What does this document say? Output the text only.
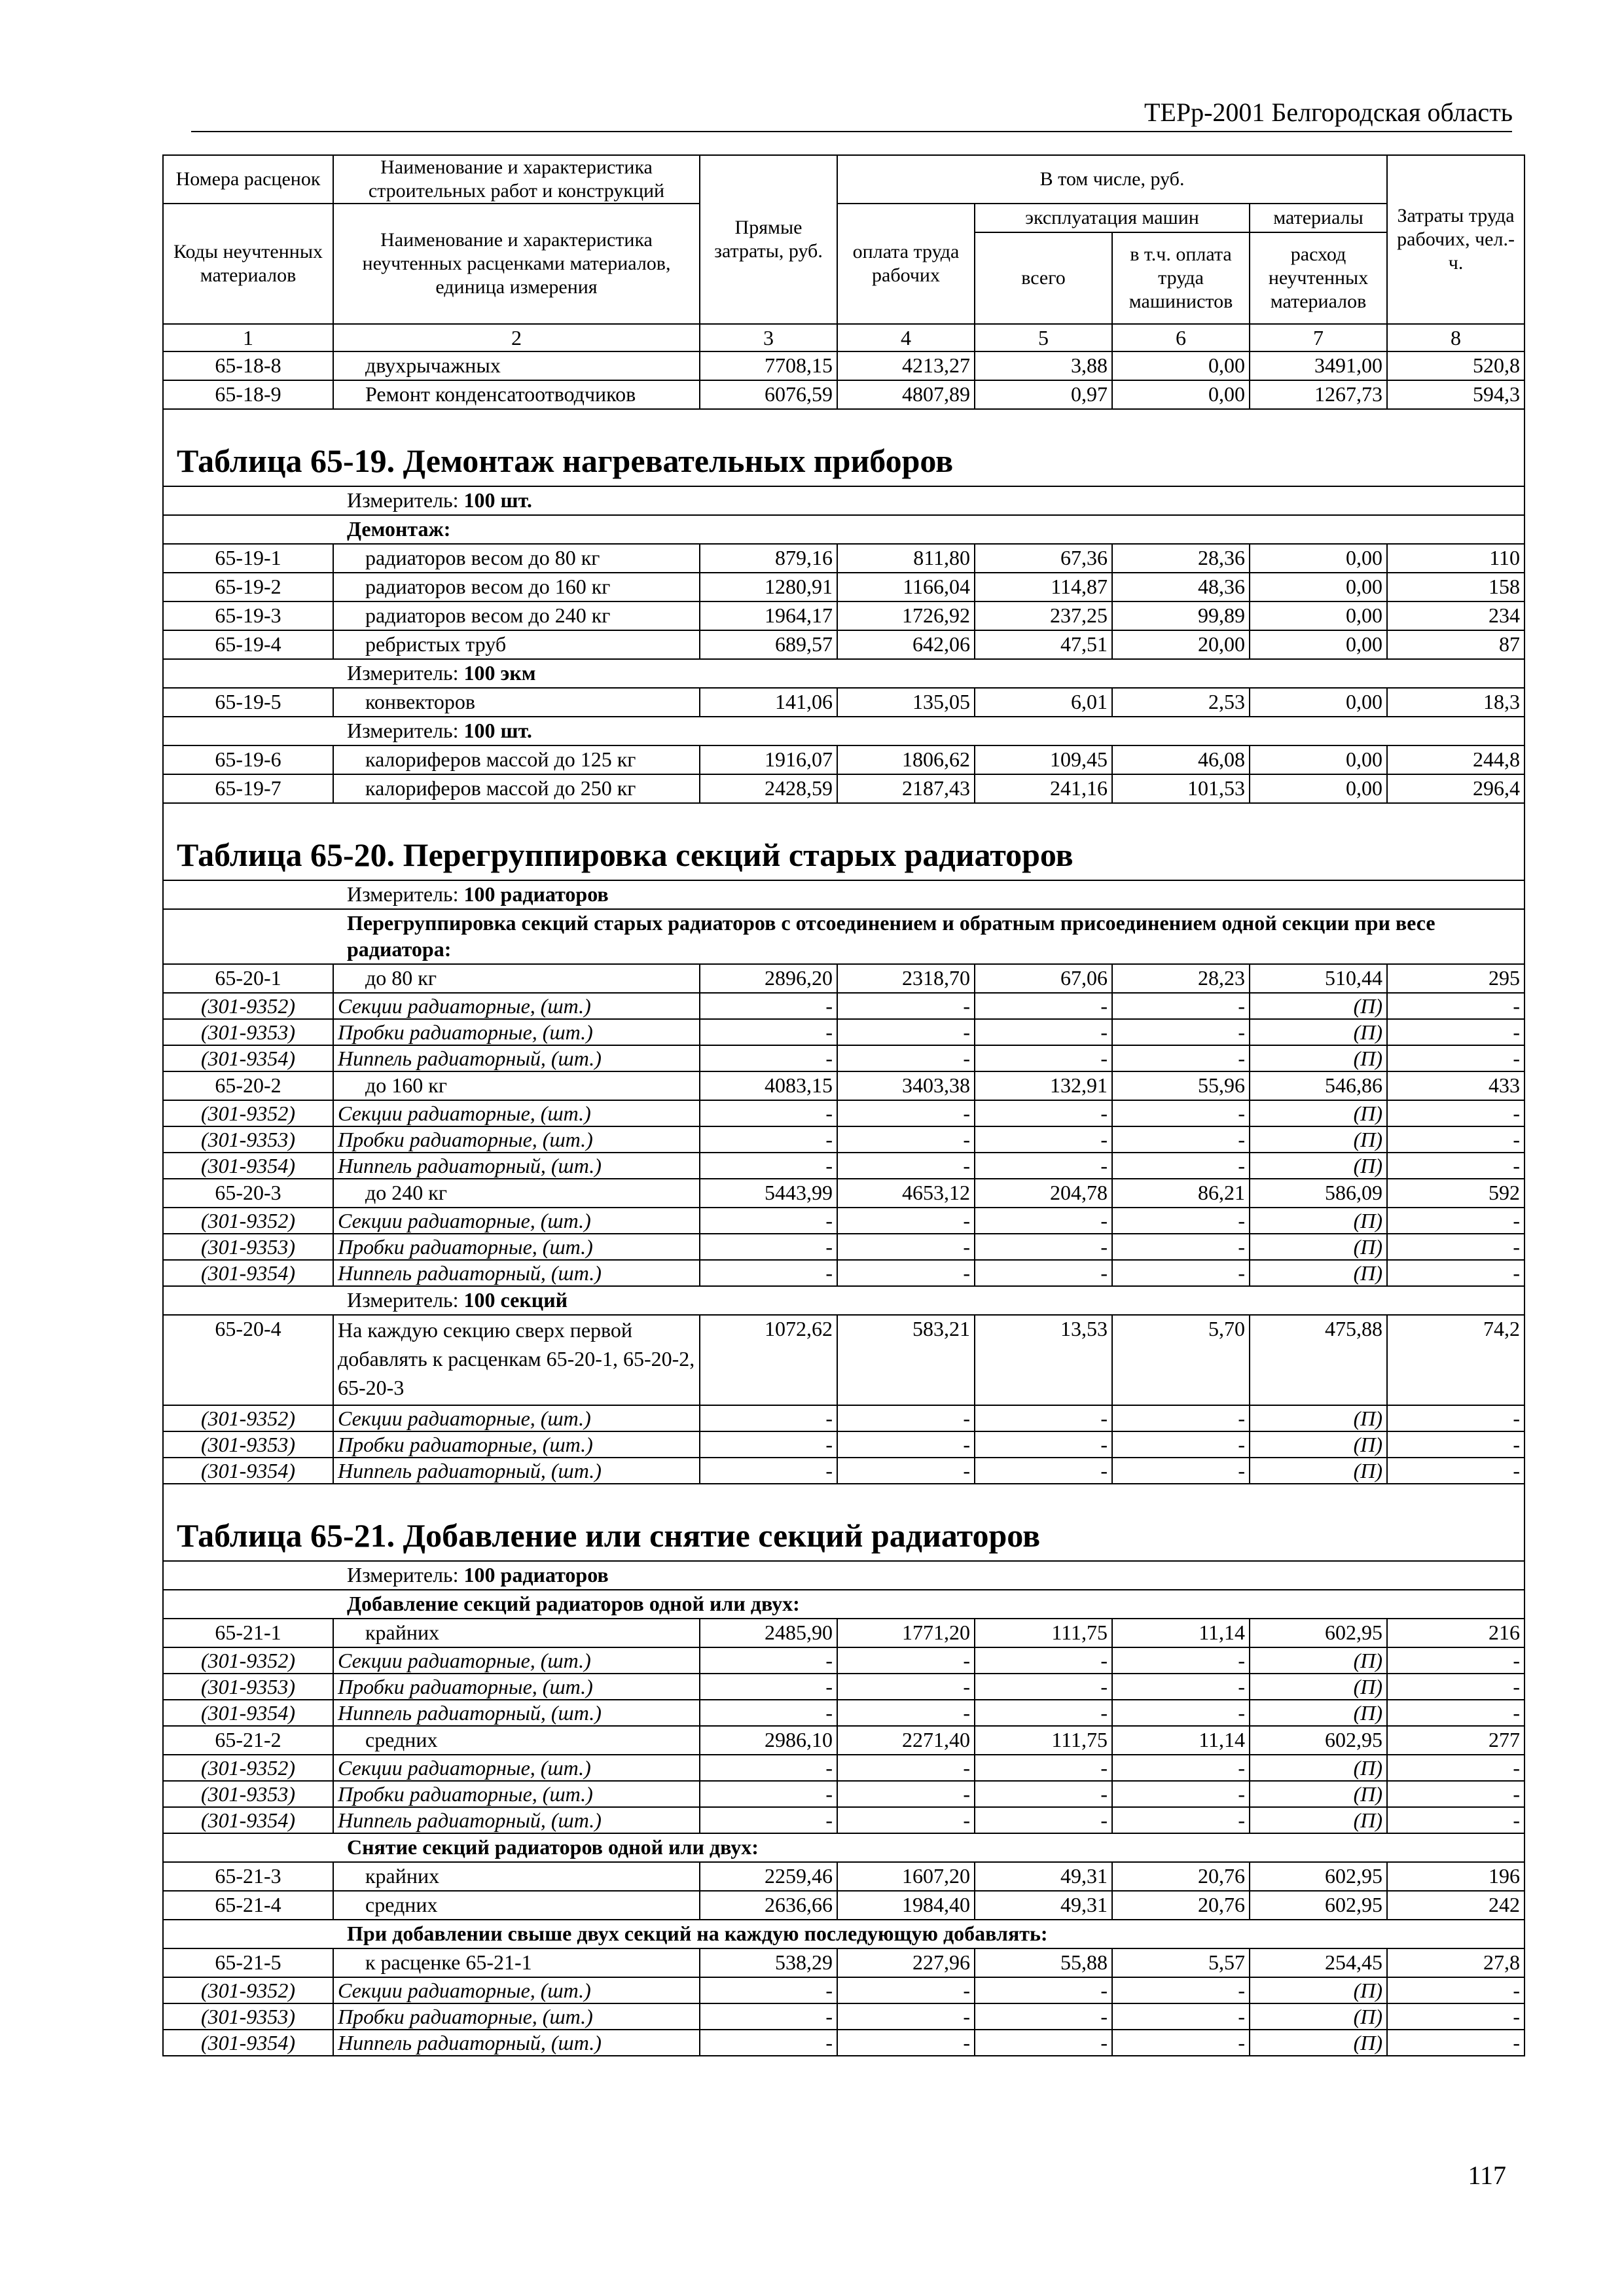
ТЕРр-2001 Белгородская область
Номера расценок	Наименование и характеристика строительных работ и конструкций	Прямые затраты, руб.	В том числе, руб.				Затраты труда рабочих, чел.-ч.
Коды неучтенных материалов	Наименование и характеристика неучтенных расценками материалов, единица измерения		оплата труда рабочих	эксплуатация машин		материалы	
				всего	в т.ч. оплата труда машинистов	расход неучтенных материалов	
1	2	3	4	5	6	7	8
65-18-8	двухрычажных	7708,15	4213,27	3,88	0,00	3491,00	520,8
65-18-9	Ремонт конденсатоотводчиков	6076,59	4807,89	0,97	0,00	1267,73	594,3
Таблица 65-19. Демонтаж нагревательных приборов							
Измеритель: 100 шт.							
Демонтаж:							
65-19-1	радиаторов весом до 80 кг	879,16	811,80	67,36	28,36	0,00	110
65-19-2	радиаторов весом до 160 кг	1280,91	1166,04	114,87	48,36	0,00	158
65-19-3	радиаторов весом до 240 кг	1964,17	1726,92	237,25	99,89	0,00	234
65-19-4	ребристых труб	689,57	642,06	47,51	20,00	0,00	87
Измеритель: 100 экм							
65-19-5	конвекторов	141,06	135,05	6,01	2,53	0,00	18,3
Измеритель: 100 шт.							
65-19-6	калориферов массой до 125 кг	1916,07	1806,62	109,45	46,08	0,00	244,8
65-19-7	калориферов массой до 250 кг	2428,59	2187,43	241,16	101,53	0,00	296,4
Таблица 65-20. Перегруппировка секций старых радиаторов							
Измеритель: 100 радиаторов							
Перегруппировка секций старых радиаторов с отсоединением и обратным присоединением одной секции при весе радиатора:							
65-20-1	до 80 кг	2896,20	2318,70	67,06	28,23	510,44	295
(301-9352)	Секции радиаторные, (шт.)	-	-	-	-	(П)	-
(301-9353)	Пробки радиаторные, (шт.)	-	-	-	-	(П)	-
(301-9354)	Ниппель радиаторный, (шт.)	-	-	-	-	(П)	-
65-20-2	до 160 кг	4083,15	3403,38	132,91	55,96	546,86	433
(301-9352)	Секции радиаторные, (шт.)	-	-	-	-	(П)	-
(301-9353)	Пробки радиаторные, (шт.)	-	-	-	-	(П)	-
(301-9354)	Ниппель радиаторный, (шт.)	-	-	-	-	(П)	-
65-20-3	до 240 кг	5443,99	4653,12	204,78	86,21	586,09	592
(301-9352)	Секции радиаторные, (шт.)	-	-	-	-	(П)	-
(301-9353)	Пробки радиаторные, (шт.)	-	-	-	-	(П)	-
(301-9354)	Ниппель радиаторный, (шт.)	-	-	-	-	(П)	-
Измеритель: 100 секций							
65-20-4	На каждую секцию сверх первой добавлять к расценкам 65-20-1, 65-20-2, 65-20-3	1072,62	583,21	13,53	5,70	475,88	74,2
(301-9352)	Секции радиаторные, (шт.)	-	-	-	-	(П)	-
(301-9353)	Пробки радиаторные, (шт.)	-	-	-	-	(П)	-
(301-9354)	Ниппель радиаторный, (шт.)	-	-	-	-	(П)	-
Таблица 65-21. Добавление или снятие секций радиаторов							
Измеритель: 100 радиаторов							
Добавление секций радиаторов одной или двух:							
65-21-1	крайних	2485,90	1771,20	111,75	11,14	602,95	216
(301-9352)	Секции радиаторные, (шт.)	-	-	-	-	(П)	-
(301-9353)	Пробки радиаторные, (шт.)	-	-	-	-	(П)	-
(301-9354)	Ниппель радиаторный, (шт.)	-	-	-	-	(П)	-
65-21-2	средних	2986,10	2271,40	111,75	11,14	602,95	277
(301-9352)	Секции радиаторные, (шт.)	-	-	-	-	(П)	-
(301-9353)	Пробки радиаторные, (шт.)	-	-	-	-	(П)	-
(301-9354)	Ниппель радиаторный, (шт.)	-	-	-	-	(П)	-
Снятие секций радиаторов одной или двух:							
65-21-3	крайних	2259,46	1607,20	49,31	20,76	602,95	196
65-21-4	средних	2636,66	1984,40	49,31	20,76	602,95	242
При добавлении свыше двух секций на каждую последующую добавлять:							
65-21-5	к расценке 65-21-1	538,29	227,96	55,88	5,57	254,45	27,8
(301-9352)	Секции радиаторные, (шт.)	-	-	-	-	(П)	-
(301-9353)	Пробки радиаторные, (шт.)	-	-	-	-	(П)	-
(301-9354)	Ниппель радиаторный, (шт.)	-	-	-	-	(П)	-
117
